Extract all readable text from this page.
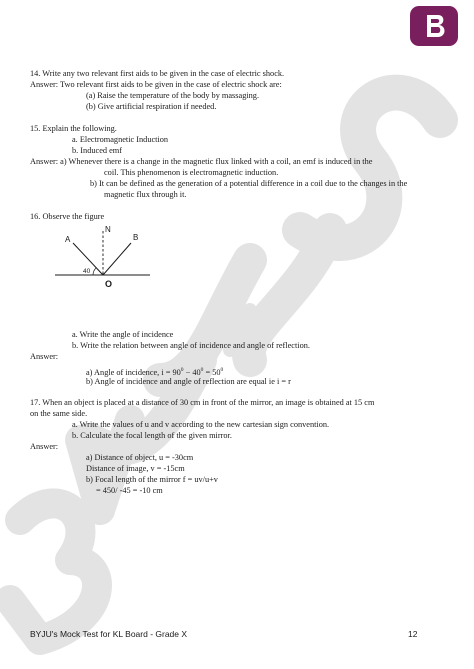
14. Write any two relevant first aids to be given in the case of electric shock.
Answer: Two relevant first aids to be given in the case of electric shock are:
(a) Raise the temperature of the body by massaging.
(b) Give artificial respiration if needed.
15. Explain the following.
a. Electromagnetic Induction
b. Induced emf
Answer: a) Whenever there is a change in the magnetic flux linked with a coil, an emf is induced in the
coil. This phenomenon is electromagnetic induction.
b) It can be defined as the generation of a potential difference in a coil due to the changes in the
magnetic flux through it.
16. Observe the figure
N
A	B
40
O
a. Write the angle of incidence
b. Write the relation between angle of incidence and angle of reflection.
Answer:
a) Angle of incidence, $i = 90^0 - 40^0 = 50^0$
b) Angle of incidence and angle of reflection are equal ie i = r
17. When an object is placed at a distance of 30 cm in front of the mirror, an image is obtained at 15 cm
on the same side.
a. Write the values of u and v according to the new cartesian sign convention.
b. Calculate the focal length of the given mirror.
Answer:
a) Distance of object, u = -30cm
Distance of image, v = -15cm
b) Focal length of the mirror f = uv/u+v
= 450/ -45 = -10 cm
BYJU's Mock Test for KL Board - Grade X	12
